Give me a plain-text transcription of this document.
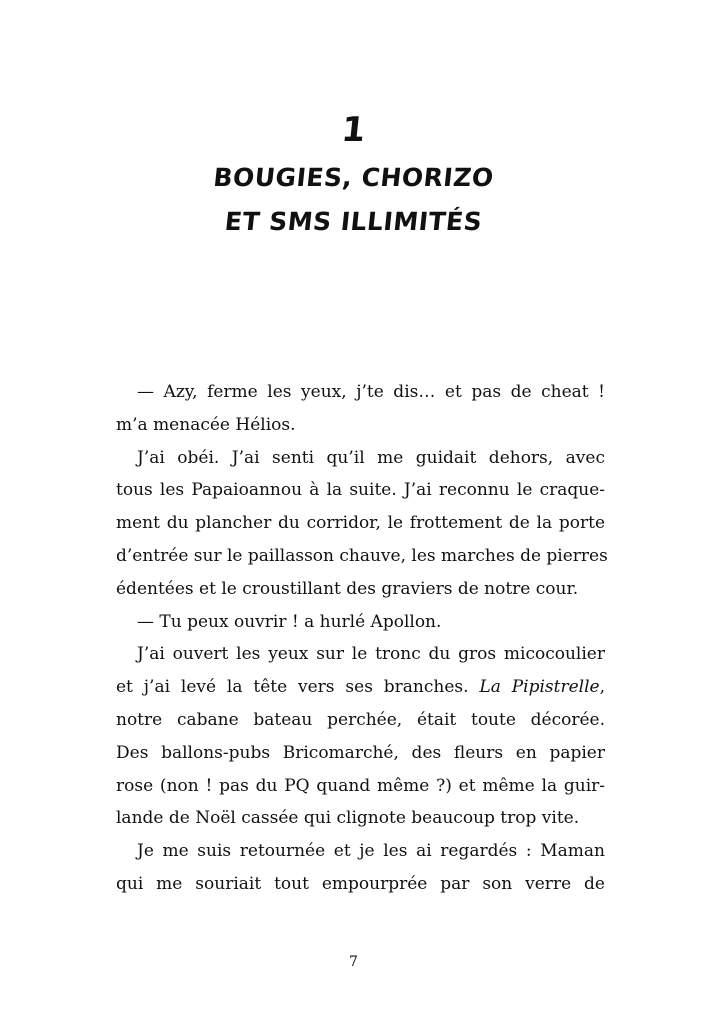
1
BOUGIES, CHORIZO
ET SMS ILLIMITÉS
— Azy, ferme les yeux, j’te dis… et pas de cheat !
m’a menacée Hélios.
J’ai obéi. J’ai senti qu’il me guidait dehors, avec
tous les Papaioannou à la suite. J’ai reconnu le craque-
ment du plancher du corridor, le frottement de la porte
d’entrée sur le paillasson chauve, les marches de pierres
édentées et le croustillant des graviers de notre cour.
— Tu peux ouvrir ! a hurlé Apollon.
J’ai ouvert les yeux sur le tronc du gros micocoulier
et j’ai levé la tête vers ses branches. La Pipistrelle,
notre cabane bateau perchée, était toute décorée.
Des ballons-pubs Bricomarché, des fleurs en papier
rose (non ! pas du PQ quand même ?) et même la guir-
lande de Noël cassée qui clignote beaucoup trop vite.
Je me suis retournée et je les ai regardés : Maman
qui me souriait tout empourprée par son verre de
7
